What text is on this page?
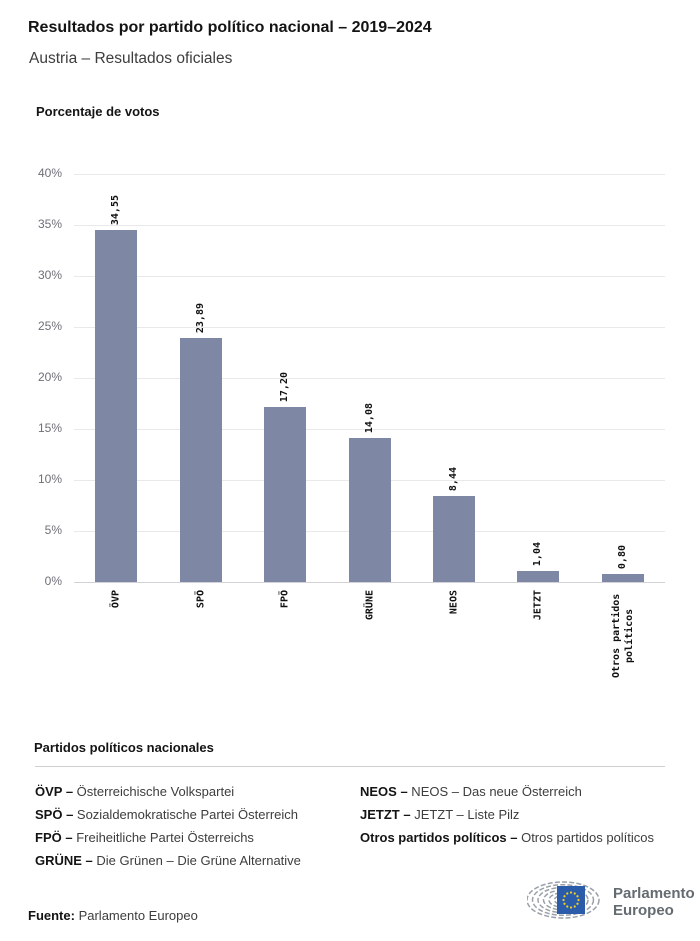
Resultados por partido político nacional – 2019–2024
Austria – Resultados oficiales
Porcentaje de votos
0%
5%
10%
15%
20%
25%
30%
35%
40%
34,55
ÖVP
23,89
SPÖ
17,20
FPÖ
14,08
GRÜNE
8,44
NEOS
1,04
JETZT
0,80
Otros partidos políticos
Partidos políticos nacionales
ÖVP – Österreichische Volkspartei
SPÖ – Sozialdemokratische Partei Österreich
FPÖ – Freiheitliche Partei Österreichs
GRÜNE – Die Grünen – Die Grüne Alternative
NEOS – NEOS – Das neue Österreich
JETZT – JETZT – Liste Pilz
Otros partidos políticos – Otros partidos políticos
Fuente: Parlamento Europeo
Parlamento
Europeo
